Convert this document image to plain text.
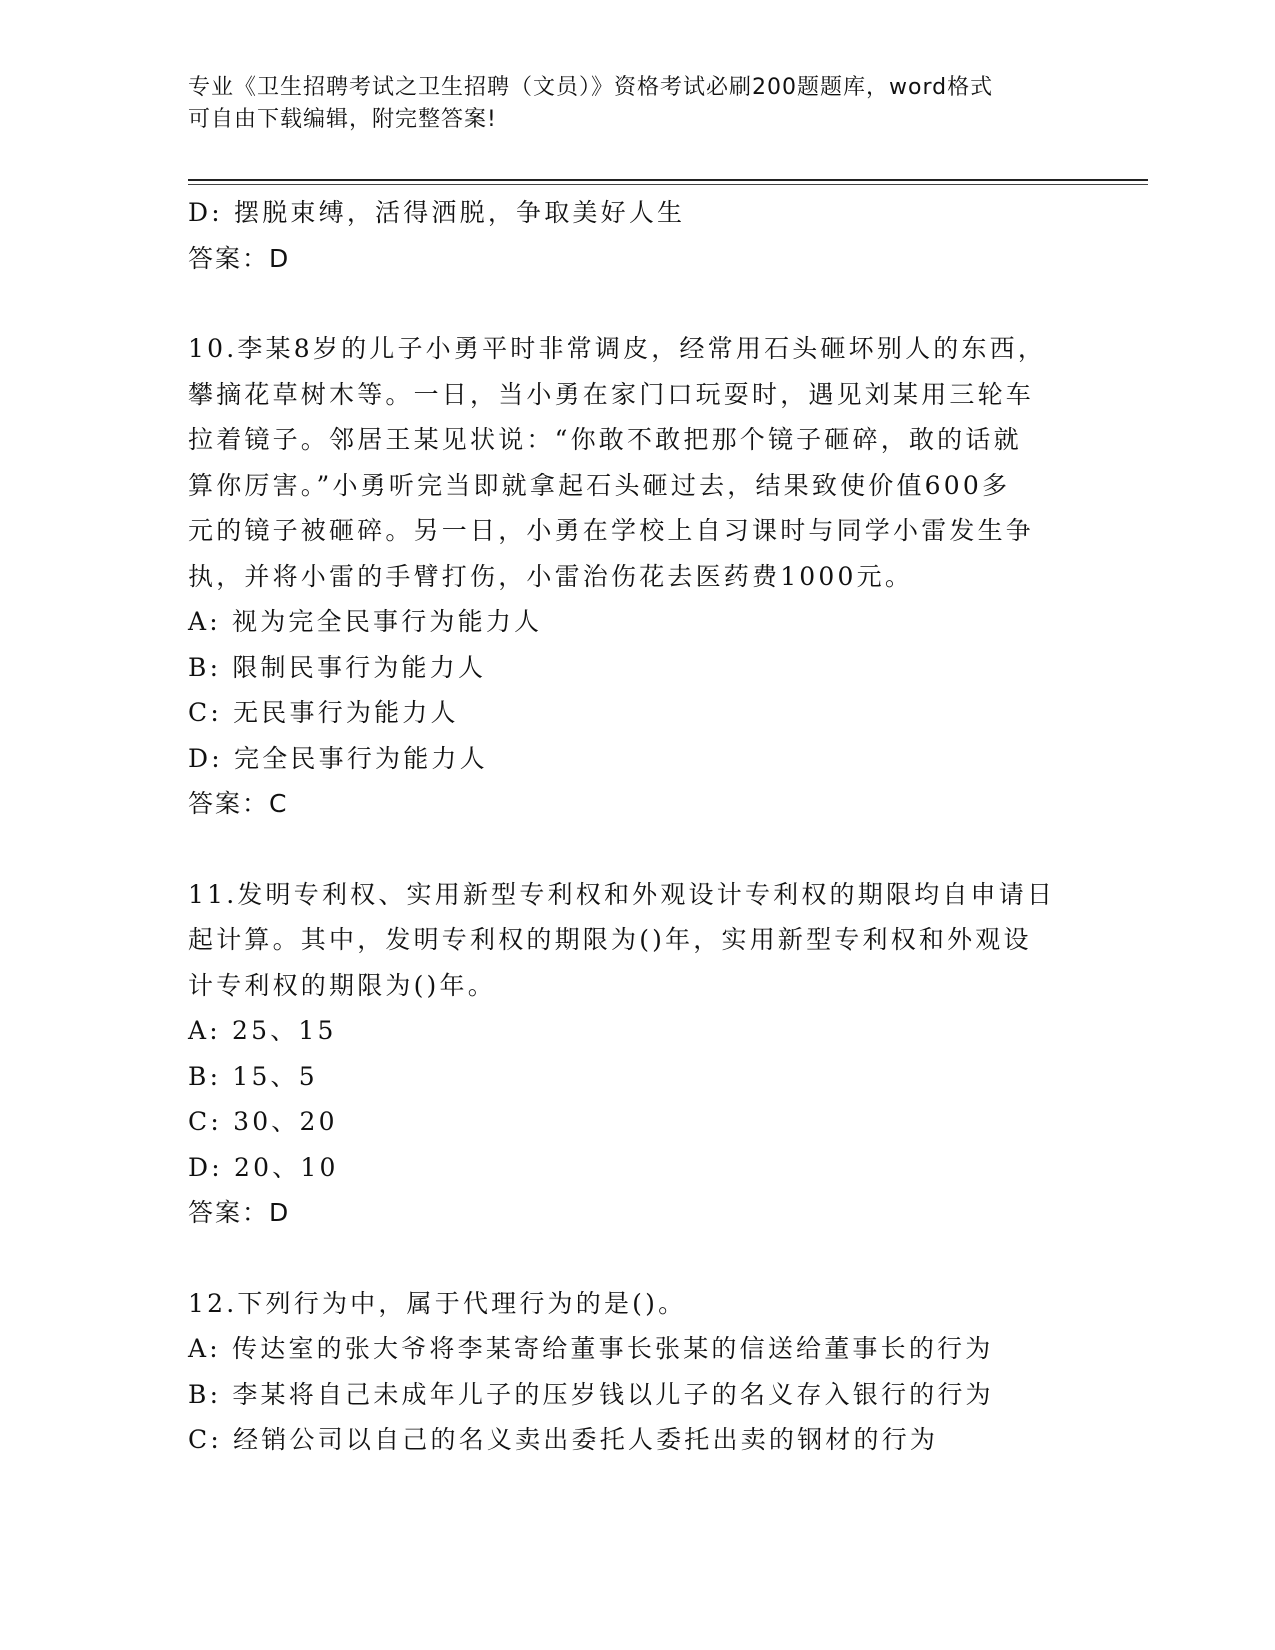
专业《卫生招聘考试之卫生招聘（文员）》资格考试必刷200题题库，word格式
可自由下载编辑，附完整答案!
D: 摆脱束缚，活得洒脱，争取美好人生
答案：D
10.李某8岁的儿子小勇平时非常调皮，经常用石头砸坏别人的东西，
攀摘花草树木等。一日，当小勇在家门口玩耍时，遇见刘某用三轮车
拉着镜子。邻居王某见状说：“你敢不敢把那个镜子砸碎，敢的话就
算你厉害。”小勇听完当即就拿起石头砸过去，结果致使价值600多
元的镜子被砸碎。另一日，小勇在学校上自习课时与同学小雷发生争
执，并将小雷的手臂打伤，小雷治伤花去医药费1000元。
A: 视为完全民事行为能力人
B: 限制民事行为能力人
C: 无民事行为能力人
D: 完全民事行为能力人
答案：C
11.发明专利权、实用新型专利权和外观设计专利权的期限均自申请日
起计算。其中，发明专利权的期限为()年，实用新型专利权和外观设
计专利权的期限为()年。
A: 25、15
B: 15、5
C: 30、20
D: 20、10
答案：D
12.下列行为中，属于代理行为的是()。
A: 传达室的张大爷将李某寄给董事长张某的信送给董事长的行为
B: 李某将自己未成年儿子的压岁钱以儿子的名义存入银行的行为
C: 经销公司以自己的名义卖出委托人委托出卖的钢材的行为
